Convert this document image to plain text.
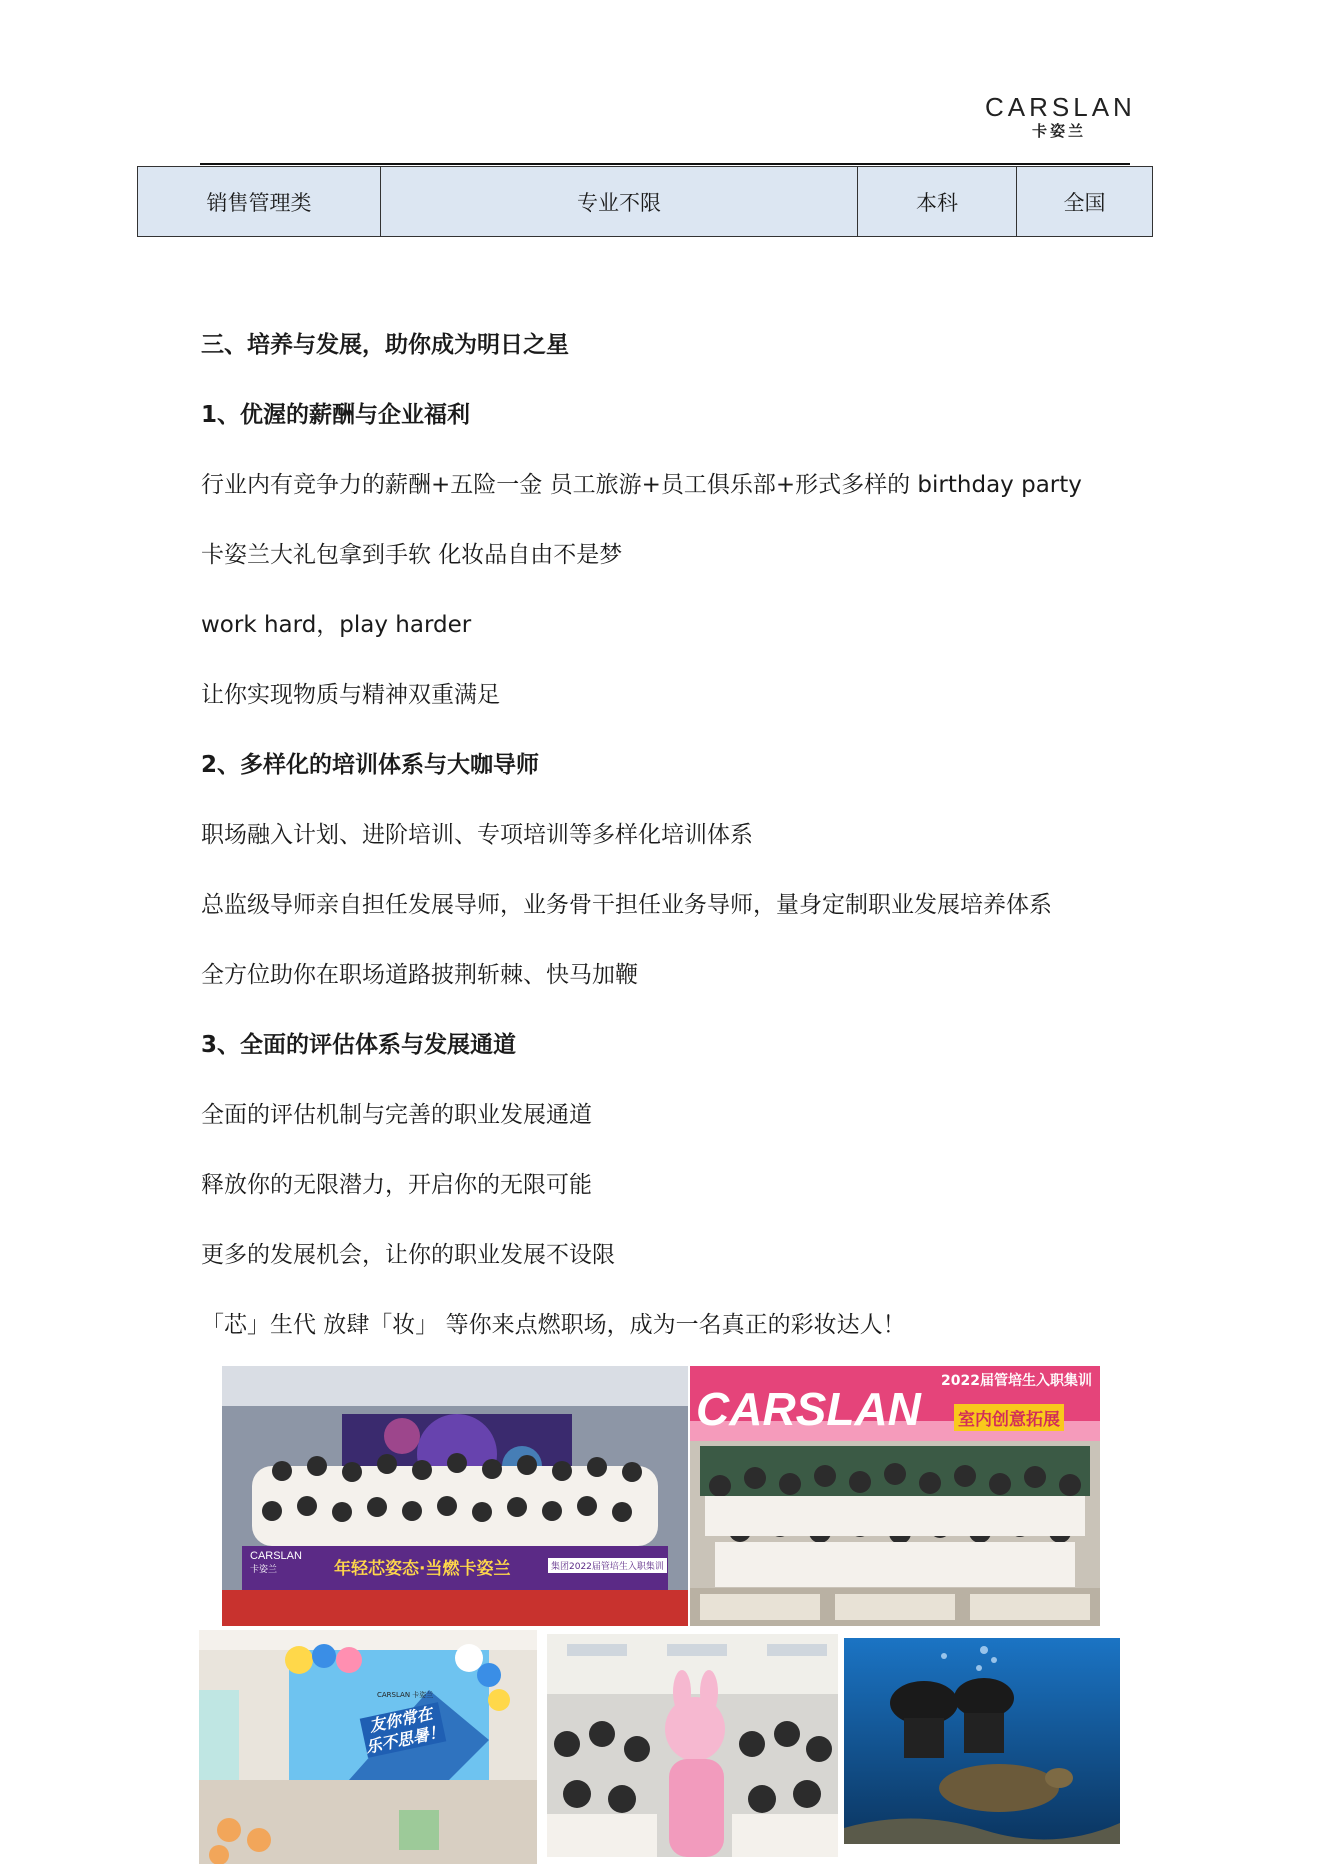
CARSLAN
卡姿兰
销售管理类	专业不限	本科	全国
三、培养与发展，助你成为明日之星
1、优渥的薪酬与企业福利
行业内有竞争力的薪酬+五险一金 员工旅游+员工俱乐部+形式多样的 birthday party
卡姿兰大礼包拿到手软 化妆品自由不是梦
work hard，play harder
让你实现物质与精神双重满足
2、多样化的培训体系与大咖导师
职场融入计划、进阶培训、专项培训等多样化培训体系
总监级导师亲自担任发展导师，业务骨干担任业务导师，量身定制职业发展培养体系
全方位助你在职场道路披荆斩棘、快马加鞭
3、全面的评估体系与发展通道
全面的评估机制与完善的职业发展通道
释放你的无限潜力，开启你的无限可能
更多的发展机会，让你的职业发展不设限
「芯」生代 放肆「妆」 等你来点燃职场，成为一名真正的彩妆达人！
CARSLAN
卡姿兰	年轻芯姿态·当燃卡姿兰	集团2022届管培生入职集训
2022届管培生入职集训
CARSLAN 室内创意拓展
CARSLAN 卡姿兰
友你常在 乐不思暑！
